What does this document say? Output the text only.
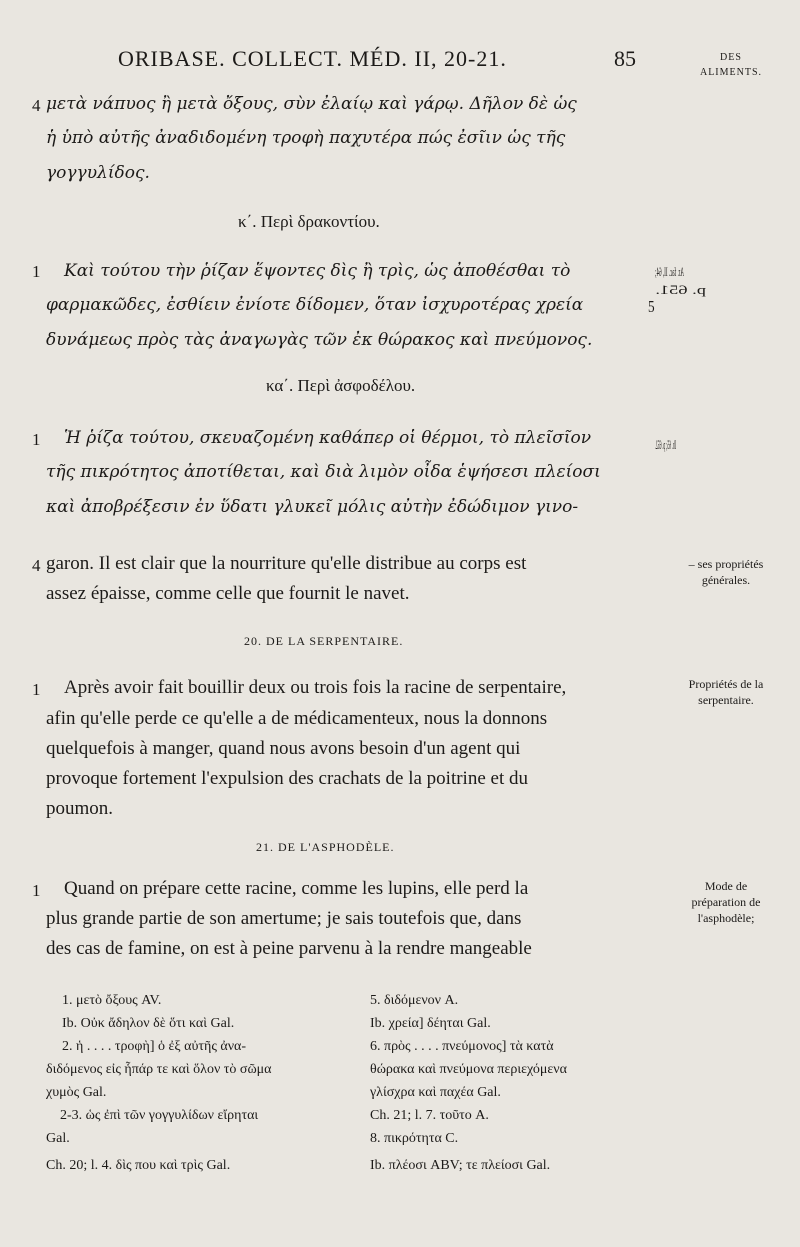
ORIBASE. COLLECT. MÉD. II, 20-21.	85	DES ALIMENTS.
4 μετὰ νάπυος ἢ μετὰ ὄξους, σὺν ἐλαίῳ καὶ γάρῳ. Δῆλον δὲ ὡς
ἡ ὑπὸ αὐτῆς ἀναδιδομένη τροφὴ παχυτέρα πώς ἐσῖιν ὡς τῆς
γογγυλίδος.
κ΄. Περὶ δρακοντίου.
1 Καὶ τούτου τὴν ῥίζαν ἕψοντες δὶς ἢ τρὶς, ὡς ἀποθέσθαι τὸ
φαρμακῶδες, ἐσθίειν ἐνίοτε δίδομεν, ὅταν ἰσχυροτέρας χρεία
δυνάμεως πρὸς τὰς ἀναγωγὰς τῶν ἐκ θώρακος καὶ πνεύμονος.
5
Ar. fac. II, 64;
p. 651.
κα΄. Περὶ ἀσφοδέλου.
1 Ἡ ῥίζα τούτου, σκευαζομένη καθάπερ οἱ θέρμοι, τὸ πλεῖσῖον
τῆς πικρότητος ἀποτίθεται, καὶ διὰ λιμὸν οἶδα ἑψήσεσι πλείοσι
καὶ ἀποβρέξεσιν ἐν ὕδατι γλυκεῖ μόλις αὐτὴν ἐδώδιμον γινο-
Ib. 65; p. 652.
4 garon. Il est clair que la nourriture qu'elle distribue au corps est
assez épaisse, comme celle que fournit le navet.
– ses propriétés générales.
20. DE LA SERPENTAIRE.
1 Après avoir fait bouillir deux ou trois fois la racine de serpentaire,
afin qu'elle perde ce qu'elle a de médicamenteux, nous la donnons
quelquefois à manger, quand nous avons besoin d'un agent qui
provoque fortement l'expulsion des crachats de la poitrine et du
poumon.
Propriétés de la serpentaire.
21. DE L'ASPHODÈLE.
1 Quand on prépare cette racine, comme les lupins, elle perd la
plus grande partie de son amertume; je sais toutefois que, dans
des cas de famine, on est à peine parvenu à la rendre mangeable
Mode de préparation de l'asphodèle;
1. μετὸ ὄξους AV.
Ib. Οὐκ ἄδηλον δὲ ὅτι καὶ Gal.
2. ἡ . . . . τροφὴ] ὁ ἐξ αὐτῆς ἀνα-
διδόμενος εἰς ἧπάρ τε καὶ ὅλον τὸ σῶμα
χυμὸς Gal.
2-3. ὡς ἐπὶ τῶν γογγυλίδων εἴρηται
Gal.
Ch. 20; l. 4. δὶς που καὶ τρὶς Gal.
5. διδόμενον A.
Ib. χρεία] δέηται Gal.
6. πρὸς . . . . πνεύμονος] τὰ κατὰ
θώρακα καὶ πνεύμονα περιεχόμενα
γλίσχρα καὶ παχέα Gal.
Ch. 21; l. 7. τοῦτο A.
8. πικρότητα C.
Ib. πλέοσι ABV; τε πλείοσι Gal.
